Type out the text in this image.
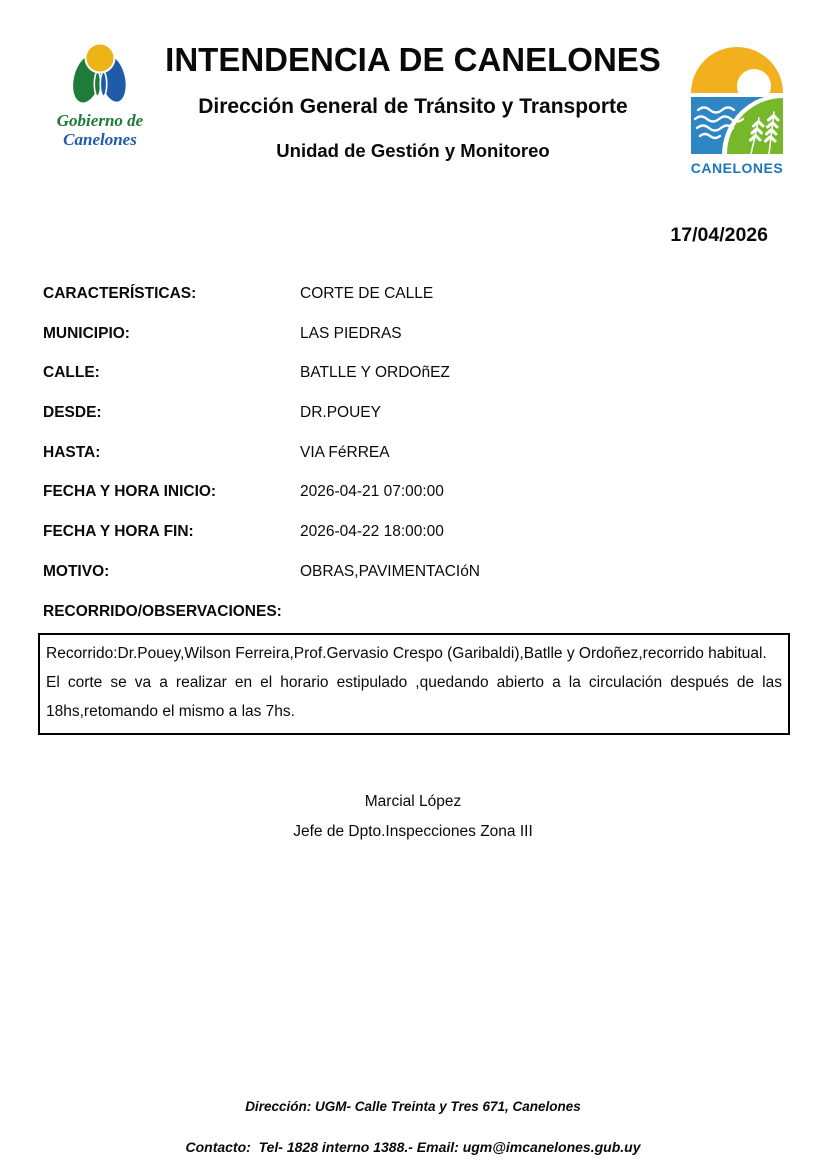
Gobierno de
Canelones
INTENDENCIA DE CANELONES
Dirección General de Tránsito y Transporte
Unidad de Gestión y Monitoreo
CANELONES
17/04/2026
CARACTERÍSTICAS:	CORTE DE CALLE
MUNICIPIO:	LAS PIEDRAS
CALLE:	BATLLE Y ORDOñEZ
DESDE:	DR.POUEY
HASTA:	VIA FéRREA
FECHA Y HORA INICIO:	2026-04-21 07:00:00
FECHA Y HORA FIN:	2026-04-22 18:00:00
MOTIVO:	OBRAS,PAVIMENTACIóN
RECORRIDO/OBSERVACIONES:

Recorrido:Dr.Pouey,Wilson Ferreira,Prof.Gervasio Crespo (Garibaldi),Batlle y Ordoñez,recorrido habitual.

El corte se va a realizar en el horario estipulado ,quedando abierto a la circulación después de las 18hs,retomando el mismo a las 7hs.

Marcial López
Jefe de Dpto.Inspecciones Zona III
Dirección: UGM- Calle Treinta y Tres 671, Canelones
Contacto:  Tel- 1828 interno 1388.- Email: ugm@imcanelones.gub.uy
